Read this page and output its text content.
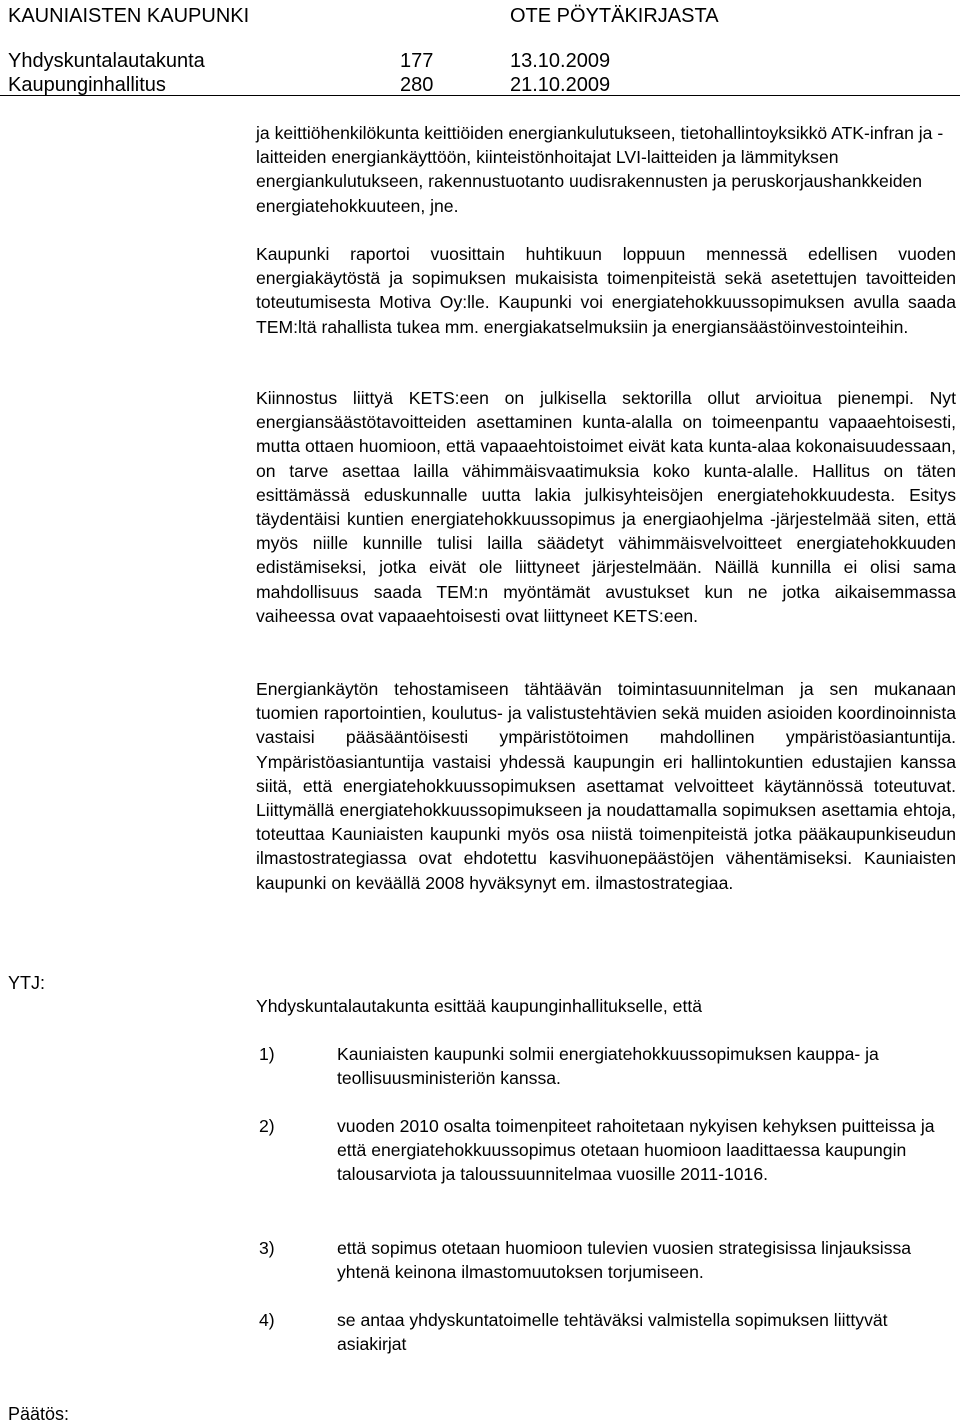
KAUNIAISTEN KAUPUNKI	OTE PÖYTÄKIRJASTA
Yhdyskuntalautakunta	177	13.10.2009
Kaupunginhallitus	280	21.10.2009

ja keittiöhenkilökunta keittiöiden energiankulutukseen, tietohallintoyksikkö ATK-infran ja -laitteiden energiankäyttöön, kiinteistönhoitajat LVI-laitteiden ja lämmityksen energiankulutukseen, rakennustuotanto uudisrakennusten ja peruskorjaushankkeiden energiatehokkuuteen, jne.

Kaupunki raportoi vuosittain huhtikuun loppuun mennessä edellisen vuoden energiakäytöstä ja sopimuksen mukaisista toimenpiteistä sekä asetettujen tavoitteiden toteutumisesta Motiva Oy:lle. Kaupunki voi energiatehokkuussopimuksen avulla saada TEM:ltä rahallista tukea mm. energiakatselmuksiin ja energiansäästöinvestointeihin.

Kiinnostus liittyä KETS:een on julkisella sektorilla ollut arvioitua pienempi. Nyt energiansäästötavoitteiden asettaminen kunta-alalla on toimeenpantu vapaaehtoisesti, mutta ottaen huomioon, että vapaaehtoistoimet eivät kata kunta-alaa kokonaisuudessaan, on tarve asettaa lailla vähimmäisvaatimuksia koko kunta-alalle. Hallitus on täten esittämässä eduskunnalle uutta lakia julkisyhteisöjen energiatehokkuudesta. Esitys täydentäisi kuntien energiatehokkuussopimus ja energiaohjelma -järjestelmää siten, että myös niille kunnille tulisi lailla säädetyt vähimmäisvelvoitteet energiatehokkuuden edistämiseksi, jotka eivät ole liittyneet järjestelmään. Näillä kunnilla ei olisi sama mahdollisuus saada TEM:n myöntämät avustukset kun ne jotka aikaisemmassa vaiheessa ovat vapaaehtoisesti ovat liittyneet KETS:een.

Energiankäytön tehostamiseen tähtäävän toimintasuunnitelman ja sen mukanaan tuomien raportointien, koulutus- ja valistustehtävien sekä muiden asioiden koordinoinnista vastaisi pääsääntöisesti ympäristötoimen mahdollinen ympäristöasiantuntija. Ympäristöasiantuntija vastaisi yhdessä kaupungin eri hallintokuntien edustajien kanssa siitä, että energiatehokkuussopimuksen asettamat velvoitteet käytännössä toteutuvat. Liittymällä energiatehokkuussopimukseen ja noudattamalla sopimuksen asettamia ehtoja, toteuttaa Kauniaisten kaupunki myös osa niistä toimenpiteistä jotka pääkaupunkiseudun ilmastostrategiassa ovat ehdotettu kasvihuonepäästöjen vähentämiseksi. Kauniaisten kaupunki on keväällä 2008 hyväksynyt em. ilmastostrategiaa.

YTJ:

Yhdyskuntalautakunta esittää kaupunginhallitukselle, että

1)	Kauniaisten kaupunki solmii energiatehokkuussopimuksen kauppa- ja teollisuusministeriön kanssa.

2)	vuoden 2010 osalta toimenpiteet rahoitetaan nykyisen kehyksen puitteissa ja että energiatehokkuussopimus otetaan huomioon laadittaessa kaupungin talousarviota ja taloussuunnitelmaa vuosille 2011-1016.

3)	että sopimus otetaan huomioon tulevien vuosien strategisissa linjauksissa yhtenä keinona ilmastomuutoksen torjumiseen.

4)	se antaa yhdyskuntatoimelle tehtäväksi valmistella sopimuksen liittyvät asiakirjat

Päätös:
